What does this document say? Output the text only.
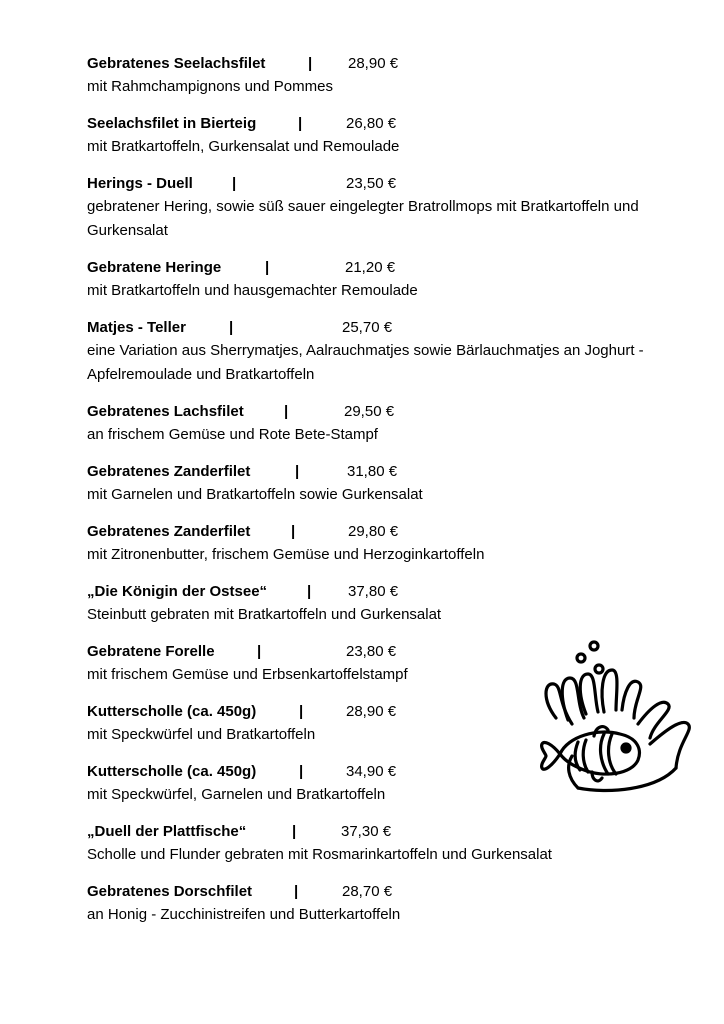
Gebratenes Seelachsfilet	| 28,90 €
mit Rahmchampignons und Pommes
Seelachsfilet in Bierteig	|	26,80 €
mit Bratkartoffeln, Gurkensalat und Remoulade
Herings - Duell	|	23,50 €
gebratener Hering, sowie süß sauer eingelegter Bratrollmops mit Bratkartoffeln und Gurkensalat
Gebratene Heringe	|	21,20 €
mit Bratkartoffeln und hausgemachter Remoulade
Matjes - Teller	|	25,70 €
eine Variation aus Sherrymatjes, Aalrauchmatjes sowie Bärlauchmatjes an Joghurt - Apfelremoulade und Bratkartoffeln
Gebratenes Lachsfilet	|	29,50 €
an frischem Gemüse und Rote Bete-Stampf
Gebratenes Zanderfilet	|	31,80 €
mit Garnelen und Bratkartoffeln sowie Gurkensalat
Gebratenes Zanderfilet	|	29,80 €
mit Zitronenbutter, frischem Gemüse und Herzoginkartoffeln
„Die Königin der Ostsee“	| 37,80 €
Steinbutt gebraten mit Bratkartoffeln und Gurkensalat
Gebratene Forelle	|	23,80 €
mit frischem Gemüse und Erbsenkartoffelstampf
Kutterscholle (ca. 450g)	|	28,90 €
mit Speckwürfel und Bratkartoffeln
Kutterscholle (ca. 450g)	|	34,90 €
mit Speckwürfel, Garnelen und Bratkartoffeln
„Duell der Plattfische“	|	37,30 €
Scholle und Flunder gebraten mit Rosmarinkartoffeln und Gurkensalat
Gebratenes Dorschfilet	|	28,70 €
an Honig - Zucchinistreifen und Butterkartoffeln
